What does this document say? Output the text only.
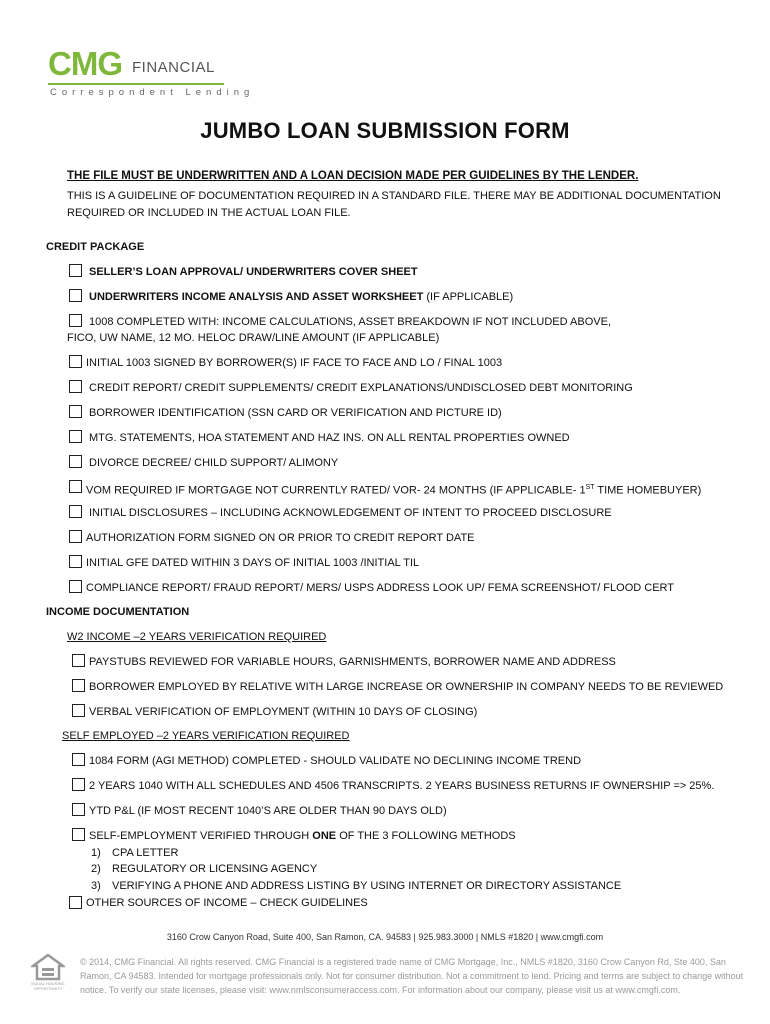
CMG FINANCIAL
Correspondent Lending
JUMBO LOAN SUBMISSION FORM
THE FILE MUST BE UNDERWRITTEN AND A LOAN DECISION MADE PER GUIDELINES BY THE LENDER.
THIS IS A GUIDELINE OF DOCUMENTATION REQUIRED IN A STANDARD FILE. THERE MAY BE ADDITIONAL DOCUMENTATION
REQUIRED OR INCLUDED IN THE ACTUAL LOAN FILE.
CREDIT PACKAGE
SELLER’S LOAN APPROVAL/ UNDERWRITERS COVER SHEET
UNDERWRITERS INCOME ANALYSIS AND ASSET WORKSHEET (IF APPLICABLE)
1008 COMPLETED WITH: INCOME CALCULATIONS, ASSET BREAKDOWN IF NOT INCLUDED ABOVE,
FICO, UW NAME, 12 MO. HELOC DRAW/LINE AMOUNT (IF APPLICABLE)
INITIAL 1003 SIGNED BY BORROWER(S) IF FACE TO FACE AND LO / FINAL 1003
CREDIT REPORT/ CREDIT SUPPLEMENTS/ CREDIT EXPLANATIONS/UNDISCLOSED DEBT MONITORING
BORROWER IDENTIFICATION (SSN CARD OR VERIFICATION AND PICTURE ID)
MTG. STATEMENTS, HOA STATEMENT AND HAZ INS. ON ALL RENTAL PROPERTIES OWNED
DIVORCE DECREE/ CHILD SUPPORT/ ALIMONY
VOM REQUIRED IF MORTGAGE NOT CURRENTLY RATED/ VOR- 24 MONTHS (IF APPLICABLE- 1ST TIME HOMEBUYER)
INITIAL DISCLOSURES – INCLUDING ACKNOWLEDGEMENT OF INTENT TO PROCEED DISCLOSURE
AUTHORIZATION FORM SIGNED ON OR PRIOR TO CREDIT REPORT DATE
INITIAL GFE DATED WITHIN 3 DAYS OF INITIAL 1003 /INITIAL TIL
COMPLIANCE REPORT/ FRAUD REPORT/ MERS/ USPS ADDRESS LOOK UP/ FEMA SCREENSHOT/ FLOOD CERT
INCOME DOCUMENTATION
W2 INCOME –2 YEARS VERIFICATION REQUIRED
PAYSTUBS REVIEWED FOR VARIABLE HOURS, GARNISHMENTS, BORROWER NAME AND ADDRESS
BORROWER EMPLOYED BY RELATIVE WITH LARGE INCREASE OR OWNERSHIP IN COMPANY NEEDS TO BE REVIEWED
VERBAL VERIFICATION OF EMPLOYMENT (WITHIN 10 DAYS OF CLOSING)
SELF EMPLOYED –2 YEARS VERIFICATION REQUIRED
1084 FORM (AGI METHOD) COMPLETED - SHOULD VALIDATE NO DECLINING INCOME TREND
2 YEARS 1040 WITH ALL SCHEDULES AND 4506 TRANSCRIPTS. 2 YEARS BUSINESS RETURNS IF OWNERSHIP => 25%.
YTD P&L (IF MOST RECENT 1040’S ARE OLDER THAN 90 DAYS OLD)
SELF-EMPLOYMENT VERIFIED THROUGH ONE OF THE 3 FOLLOWING METHODS
1) CPA LETTER
2) REGULATORY OR LICENSING AGENCY
3) VERIFYING A PHONE AND ADDRESS LISTING BY USING INTERNET OR DIRECTORY ASSISTANCE
OTHER SOURCES OF INCOME – CHECK GUIDELINES
3160 Crow Canyon Road, Suite 400, San Ramon, CA. 94583 | 925.983.3000 | NMLS #1820 | www.cmgfi.com
EQUAL HOUSING OPPORTUNITY
© 2014, CMG Financial. All rights reserved. CMG Financial is a registered trade name of CMG Mortgage, Inc., NMLS #1820, 3160 Crow Canyon Rd, Ste 400, San Ramon, CA 94583. Intended for mortgage professionals only. Not for consumer distribution. Not a commitment to lend. Pricing and terms are subject to change without notice. To verify our state licenses, please visit: www.nmlsconsumeraccess.com. For information about our company, please visit us at www.cmgfi.com.
